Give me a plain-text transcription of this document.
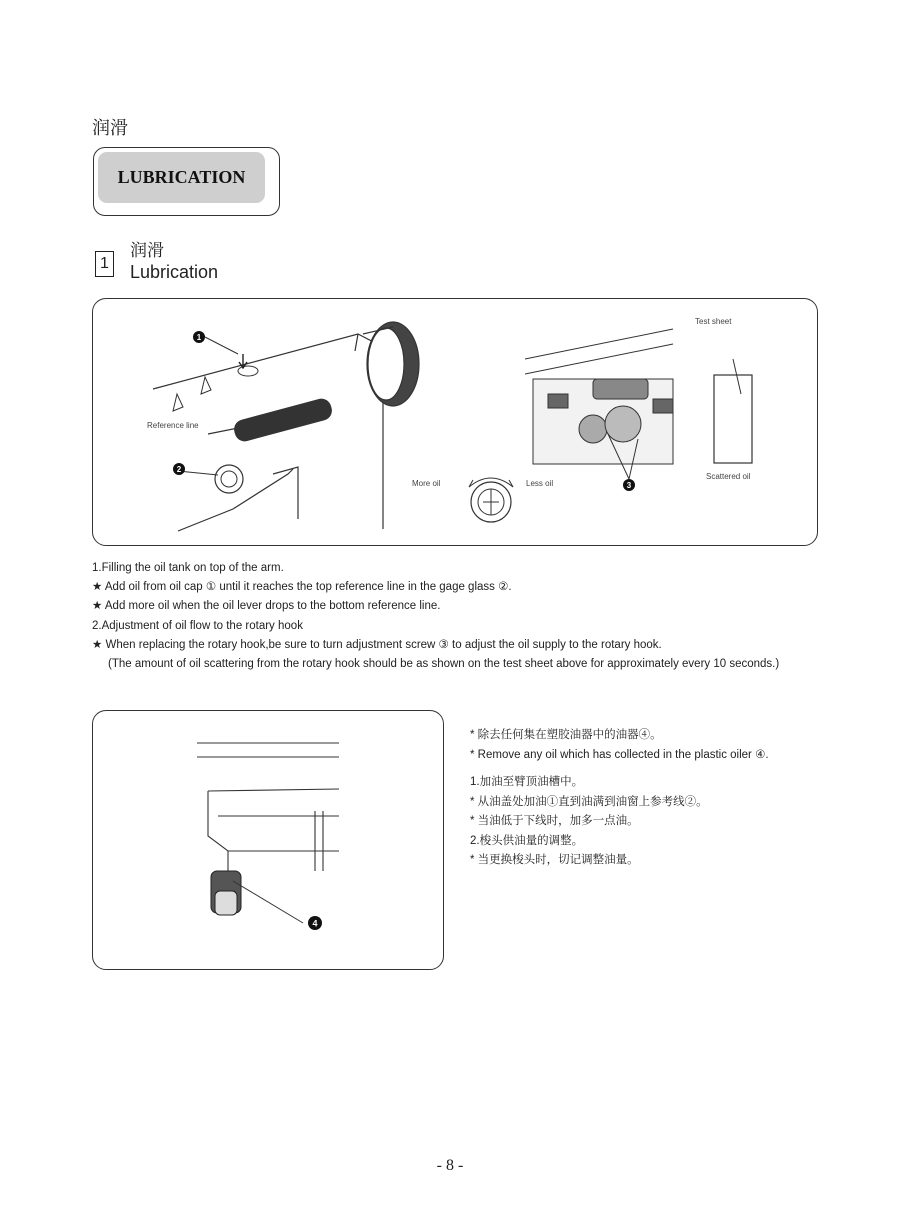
润滑
LUBRICATION
1
润滑
Lubrication
1
2
Reference line
More oil	Less oil	3
Test sheet
Scattered oil
1.Filling the oil tank on top of the arm.
★ Add oil from oil cap ① until it reaches the top reference line in the gage glass ②.
★ Add more oil when the oil lever drops to the bottom reference line.
2.Adjustment of oil flow to the rotary hook
★ When replacing the rotary hook,be sure to turn adjustment screw ③ to adjust the oil supply to the rotary hook.
(The amount of oil scattering from the rotary hook should be as shown on the test sheet above for approximately every 10 seconds.)
4
* 除去任何集在塑胶油器中的油器④。
* Remove any oil which has collected in the plastic oiler ④.
1.加油至臂顶油槽中。
* 从油盖处加油①直到油满到油窗上参考线②。
* 当油低于下线时，加多一点油。
2.梭头供油量的调整。
* 当更换梭头时，切记调整油量。
- 8 -
